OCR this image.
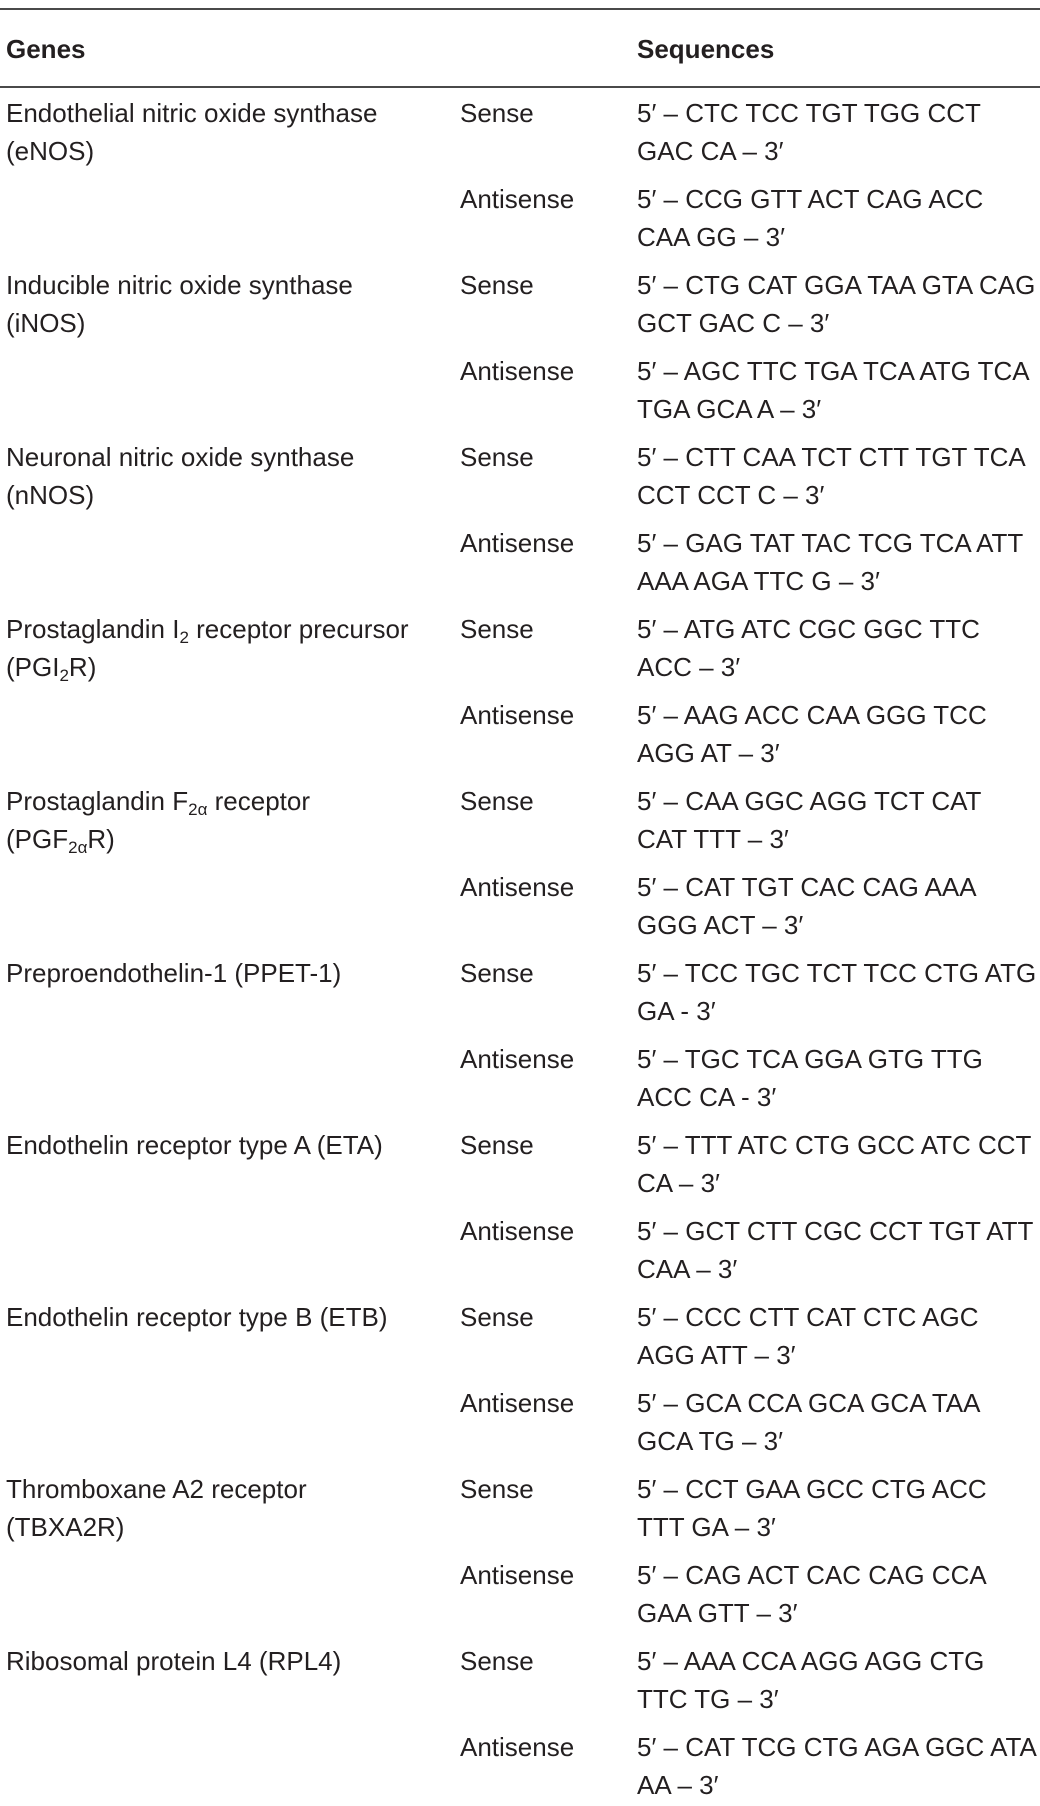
Genes	Sequences
Endothelial nitric oxide synthase (eNOS)
Sense	5′ – CTC TCC TGT TGG CCT GAC CA – 3′
Antisense 5′ – CCG GTT ACT CAG ACC CAA GG – 3′
Inducible nitric oxide synthase (iNOS)
Sense	5′ – CTG CAT GGA TAA GTA CAG GCT GAC C – 3′
Antisense 5′ – AGC TTC TGA TCA ATG TCA TGA GCA A – 3′
Neuronal nitric oxide synthase (nNOS)
Sense	5′ – CTT CAA TCT CTT TGT TCA CCT CCT C – 3′
Antisense 5′ – GAG TAT TAC TCG TCA ATT AAA AGA TTC G – 3′
Prostaglandin $I_2$ receptor precursor $(PGI_2R)$
Sense	5′ – ATG ATC CGC GGC TTC ACC – 3′
Antisense 5′ – AAG ACC CAA GGG TCC AGG AT – 3′
Prostaglandin $F_{2\alpha}$ receptor $(PGF_{2\alpha}R)$
Sense	5′ – CAA GGC AGG TCT CAT CAT TTT – 3′
Antisense 5′ – CAT TGT CAC CAG AAA GGG ACT – 3′
Preproendothelin-1 (PPET-1)	Sense	5′ – TCC TGC TCT TCC CTG ATG GA - 3′
Antisense 5′ – TGC TCA GGA GTG TTG ACC CA - 3′
Endothelin receptor type A (ETA)	Sense	5′ – TTT ATC CTG GCC ATC CCT CA – 3′
Antisense 5′ – GCT CTT CGC CCT TGT ATT CAA – 3′
Endothelin receptor type B (ETB)	Sense	5′ – CCC CTT CAT CTC AGC AGG ATT – 3′
Antisense 5′ – GCA CCA GCA GCA TAA GCA TG – 3′
Thromboxane A2 receptor (TBXA2R)
Sense	5′ – CCT GAA GCC CTG ACC TTT GA – 3′
Antisense 5′ – CAG ACT CAC CAG CCA GAA GTT – 3′
Ribosomal protein L4 (RPL4)	Sense	5′ – AAA CCA AGG AGG CTG TTC TG – 3′
Antisense 5′ – CAT TCG CTG AGA GGC ATA AA – 3′
